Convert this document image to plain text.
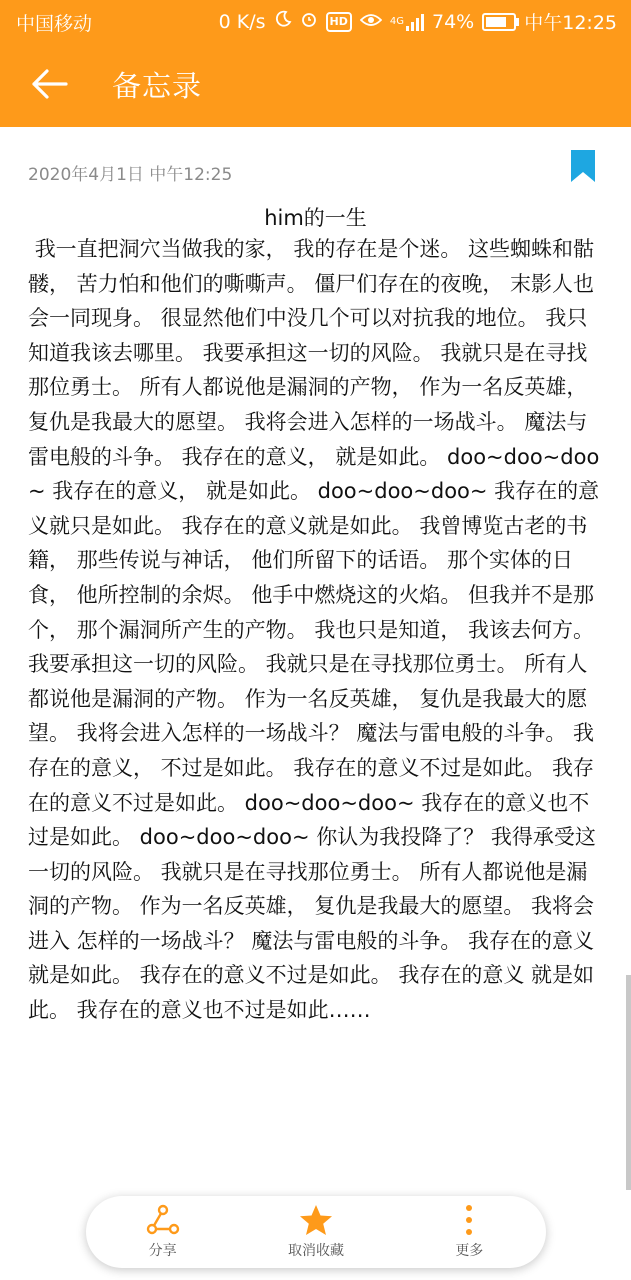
中国移动	0 K/s	HD	4G 74%	中午12:25
备忘录
2020年4月1日 中午12:25
him的一生
我一直把洞穴当做我的家， 我的存在是个迷。 这些蜘蛛和骷髅， 苦力怕和他们的嘶嘶声。 僵尸们存在的夜晚， 末影人也会一同现身。 很显然他们中没几个可以对抗我的地位。 我只知道我该去哪里。 我要承担这一切的风险。 我就只是在寻找那位勇士。 所有人都说他是漏洞的产物， 作为一名反英雄， 复仇是我最大的愿望。 我将会进入怎样的一场战斗。 魔法与雷电般的斗争。 我存在的意义， 就是如此。 doo~doo~doo~ 我存在的意义， 就是如此。 doo~doo~doo~ 我存在的意义就只是如此。 我存在的意义就是如此。 我曾博览古老的书籍， 那些传说与神话， 他们所留下的话语。 那个实体的日食， 他所控制的余烬。 他手中燃烧这的火焰。 但我并不是那个， 那个漏洞所产生的产物。 我也只是知道， 我该去何方。 我要承担这一切的风险。 我就只是在寻找那位勇士。 所有人都说他是漏洞的产物。 作为一名反英雄， 复仇是我最大的愿望。 我将会进入怎样的一场战斗？ 魔法与雷电般的斗争。 我存在的意义， 不过是如此。 我存在的意义不过是如此。 我存在的意义不过是如此。 doo~doo~doo~ 我存在的意义也不过是如此。 doo~doo~doo~ 你认为我投降了？ 我得承受这一切的风险。 我就只是在寻找那位勇士。 所有人都说他是漏洞的产物。 作为一名反英雄， 复仇是我最大的愿望。 我将会进入 怎样的一场战斗？ 魔法与雷电般的斗争。 我存在的意义 就是如此。 我存在的意义不过是如此。 我存在的意义 就是如此。 我存在的意义也不过是如此……
分享	取消收藏	更多
